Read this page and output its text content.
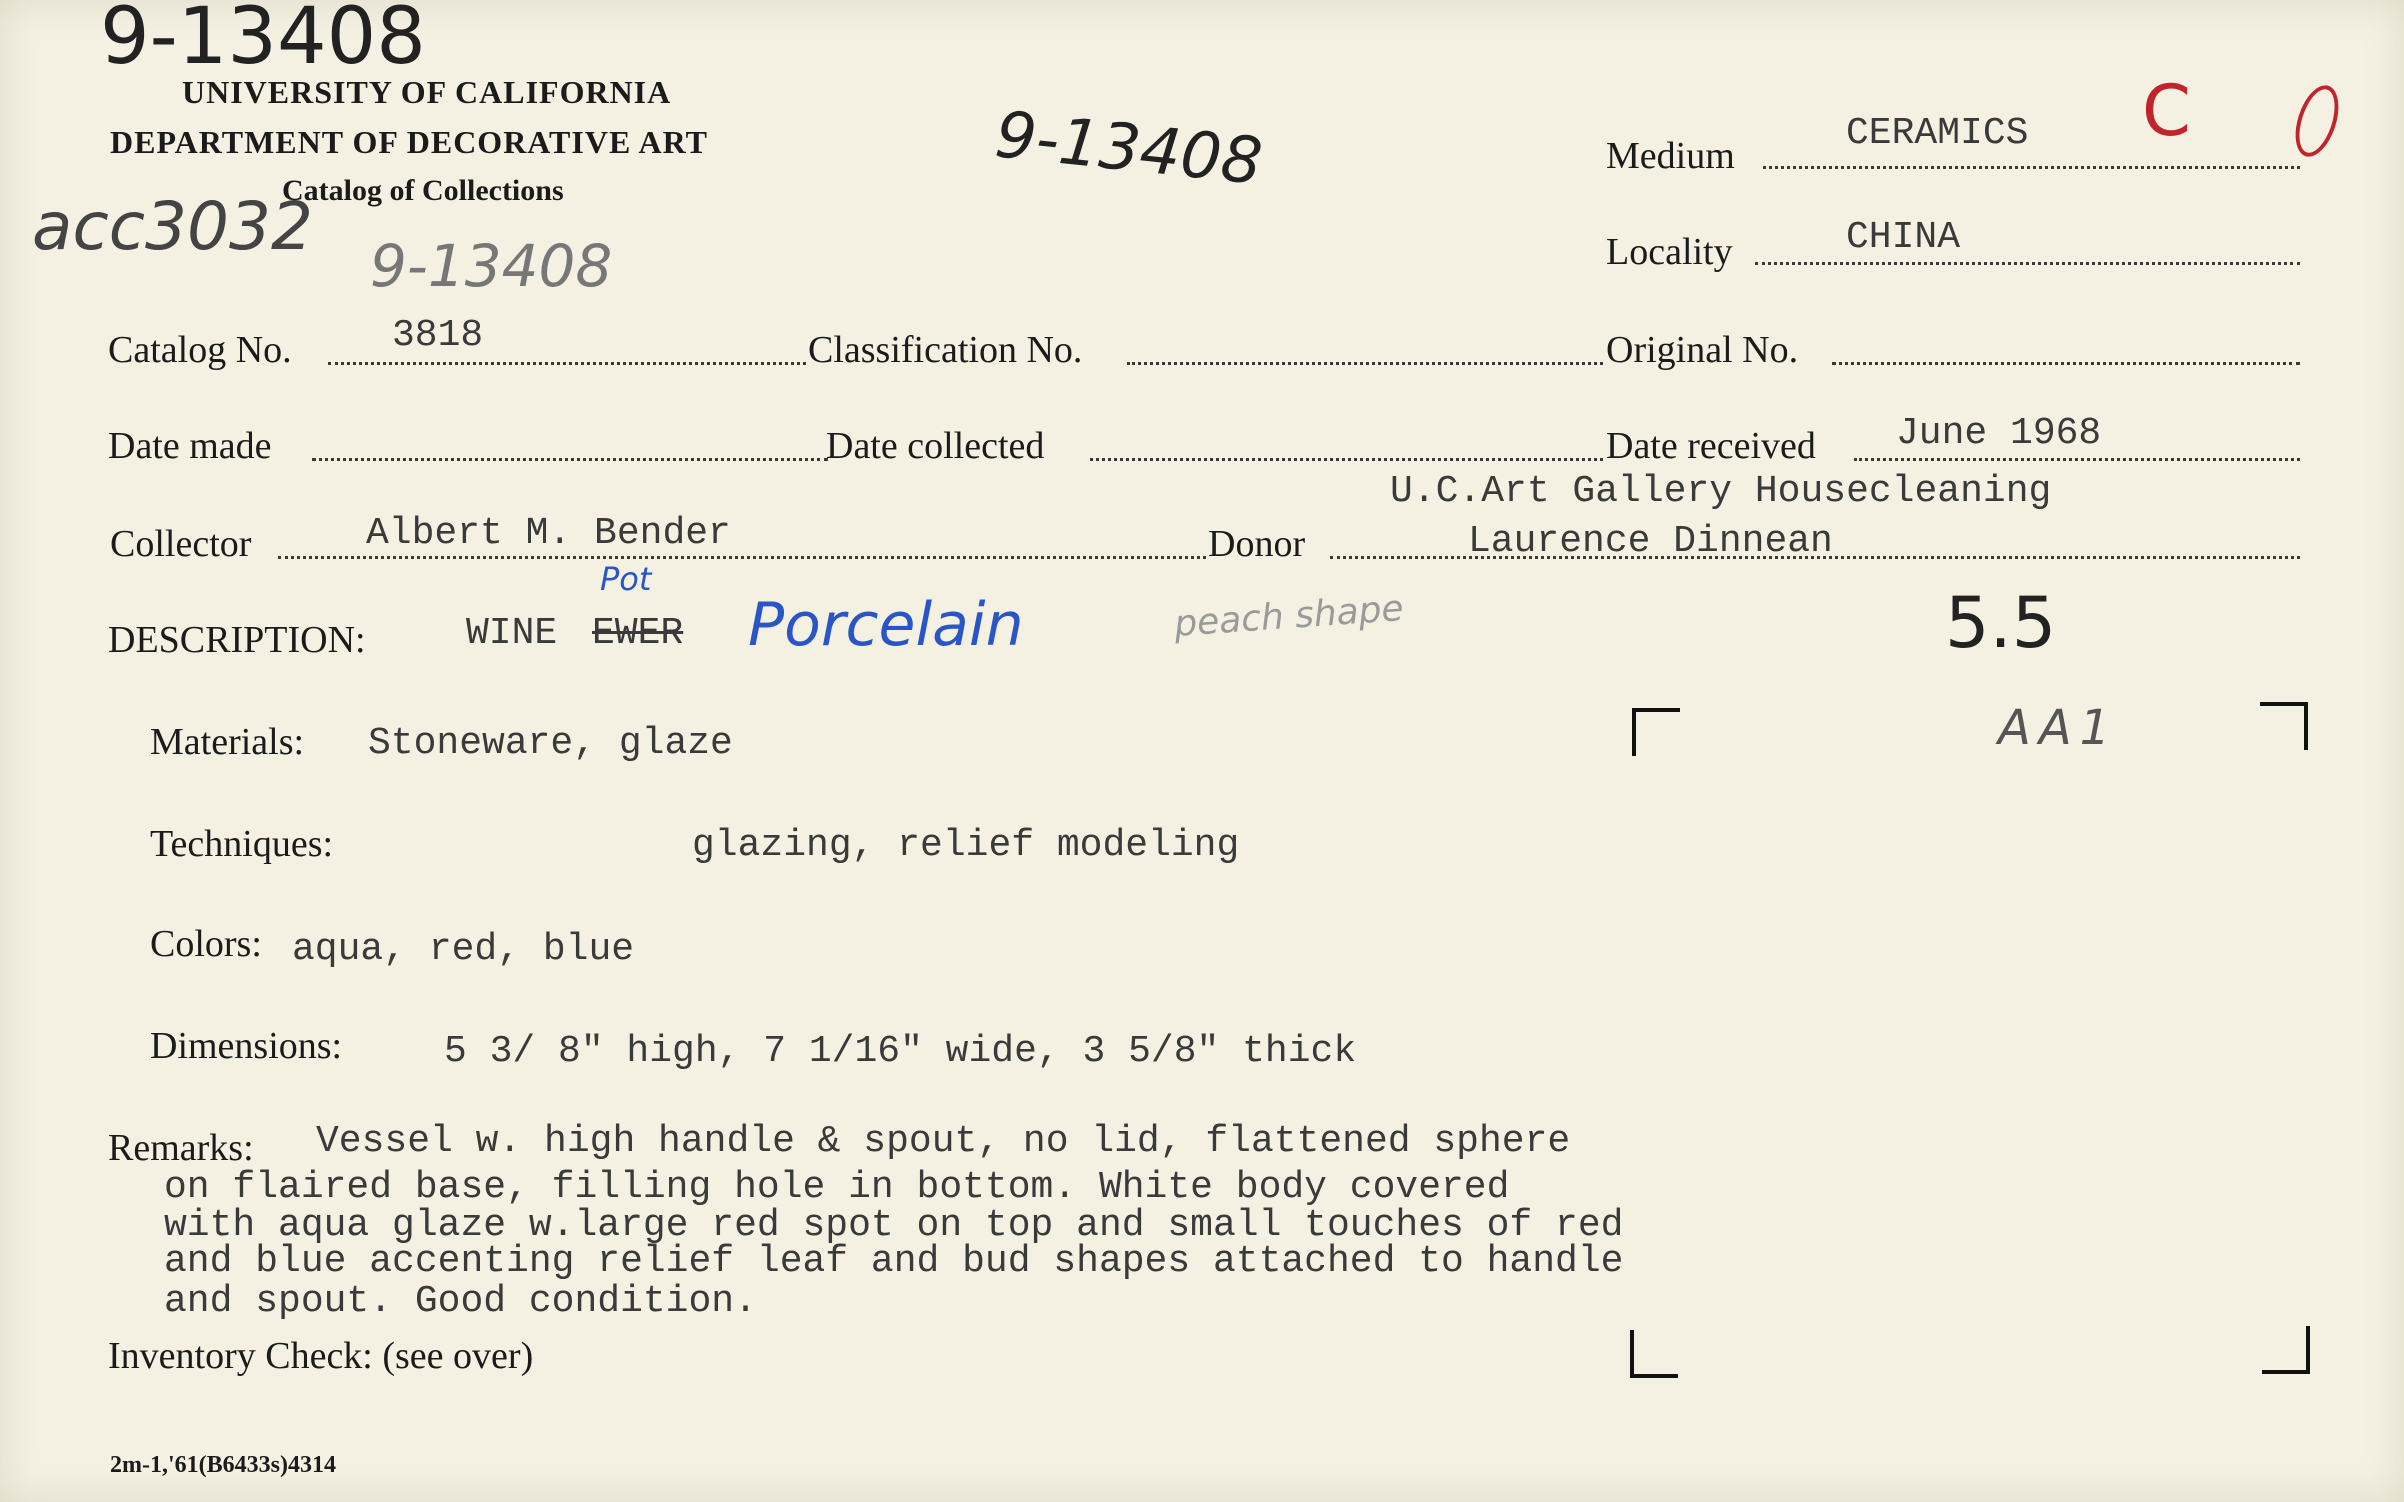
9-13408
9-13408
acc3032
9-13408
C
5.5
AA1
UNIVERSITY OF CALIFORNIA
DEPARTMENT OF DECORATIVE ART
Catalog of Collections
Medium
CERAMICS
Locality	CHINA
Catalog No.	3818	Classification No.	Original No.
Date made	Date collected	Date received June 1968
Collector	Albert M. Bender	Donor
U.C.Art Gallery Housecleaning
Laurence Dinnean
DESCRIPTION:	WINE EWER
Pot
Porcelain	peach shape
Materials: Stoneware, glaze
Techniques:	glazing, relief modeling
Colors: aqua, red, blue
Dimensions:	5 3/ 8" high, 7 1/16" wide, 3 5/8" thick
Remarks: Vessel w. high handle & spout, no lid, flattened sphere
on flaired base, filling hole in bottom. White body covered
with aqua glaze w.large red spot on top and small touches of red
and blue accenting relief leaf and bud shapes attached to handle
and spout. Good condition.
Inventory Check: (see over)
2m-1,'61(B6433s)4314
